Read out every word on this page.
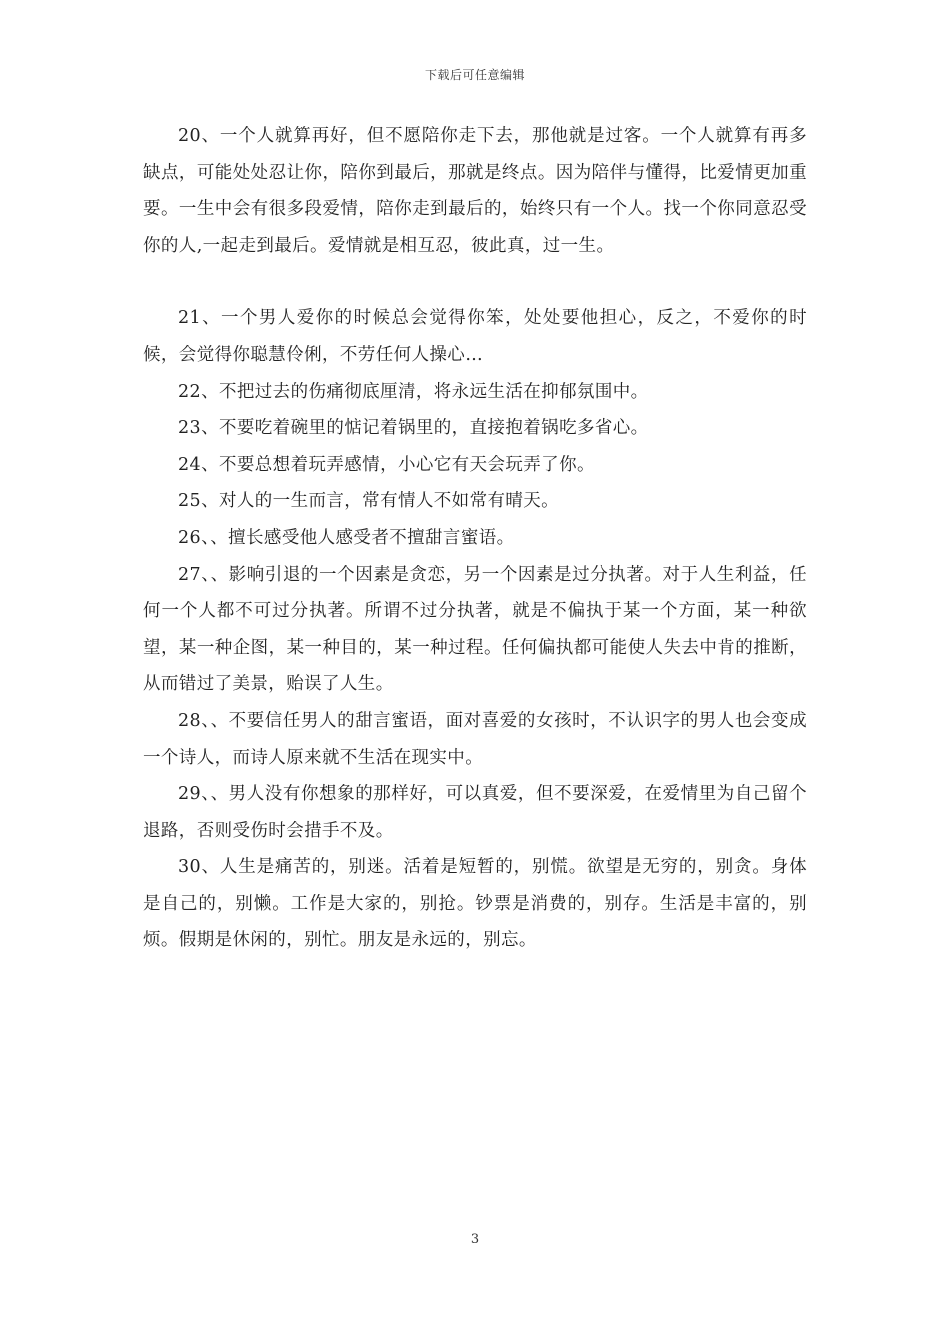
下载后可任意编辑

20、一个人就算再好，但不愿陪你走下去，那他就是过客。一个人就算有再多缺点，可能处处忍让你，陪你到最后，那就是终点。因为陪伴与懂得，比爱情更加重要。一生中会有很多段爱情，陪你走到最后的，始终只有一个人。找一个你同意忍受你的人,一起走到最后。爱情就是相互忍，彼此真，过一生。

21、一个男人爱你的时候总会觉得你笨，处处要他担心，反之，不爱你的时候，会觉得你聪慧伶俐，不劳任何人操心…

22、不把过去的伤痛彻底厘清，将永远生活在抑郁氛围中。

23、不要吃着碗里的惦记着锅里的，直接抱着锅吃多省心。

24、不要总想着玩弄感情，小心它有天会玩弄了你。

25、对人的一生而言，常有情人不如常有晴天。

26、、擅长感受他人感受者不擅甜言蜜语。

27、、影响引退的一个因素是贪恋，另一个因素是过分执著。对于人生利益，任何一个人都不可过分执著。所谓不过分执著，就是不偏执于某一个方面，某一种欲望，某一种企图，某一种目的，某一种过程。任何偏执都可能使人失去中肯的推断，从而错过了美景，贻误了人生。

28、、不要信任男人的甜言蜜语，面对喜爱的女孩时，不认识字的男人也会变成一个诗人，而诗人原来就不生活在现实中。

29、、男人没有你想象的那样好，可以真爱，但不要深爱，在爱情里为自己留个退路，否则受伤时会措手不及。

30、人生是痛苦的，别迷。活着是短暂的，别慌。欲望是无穷的，别贪。身体是自己的，别懒。工作是大家的，别抢。钞票是消费的，别存。生活是丰富的，别烦。假期是休闲的，别忙。朋友是永远的，别忘。

3
